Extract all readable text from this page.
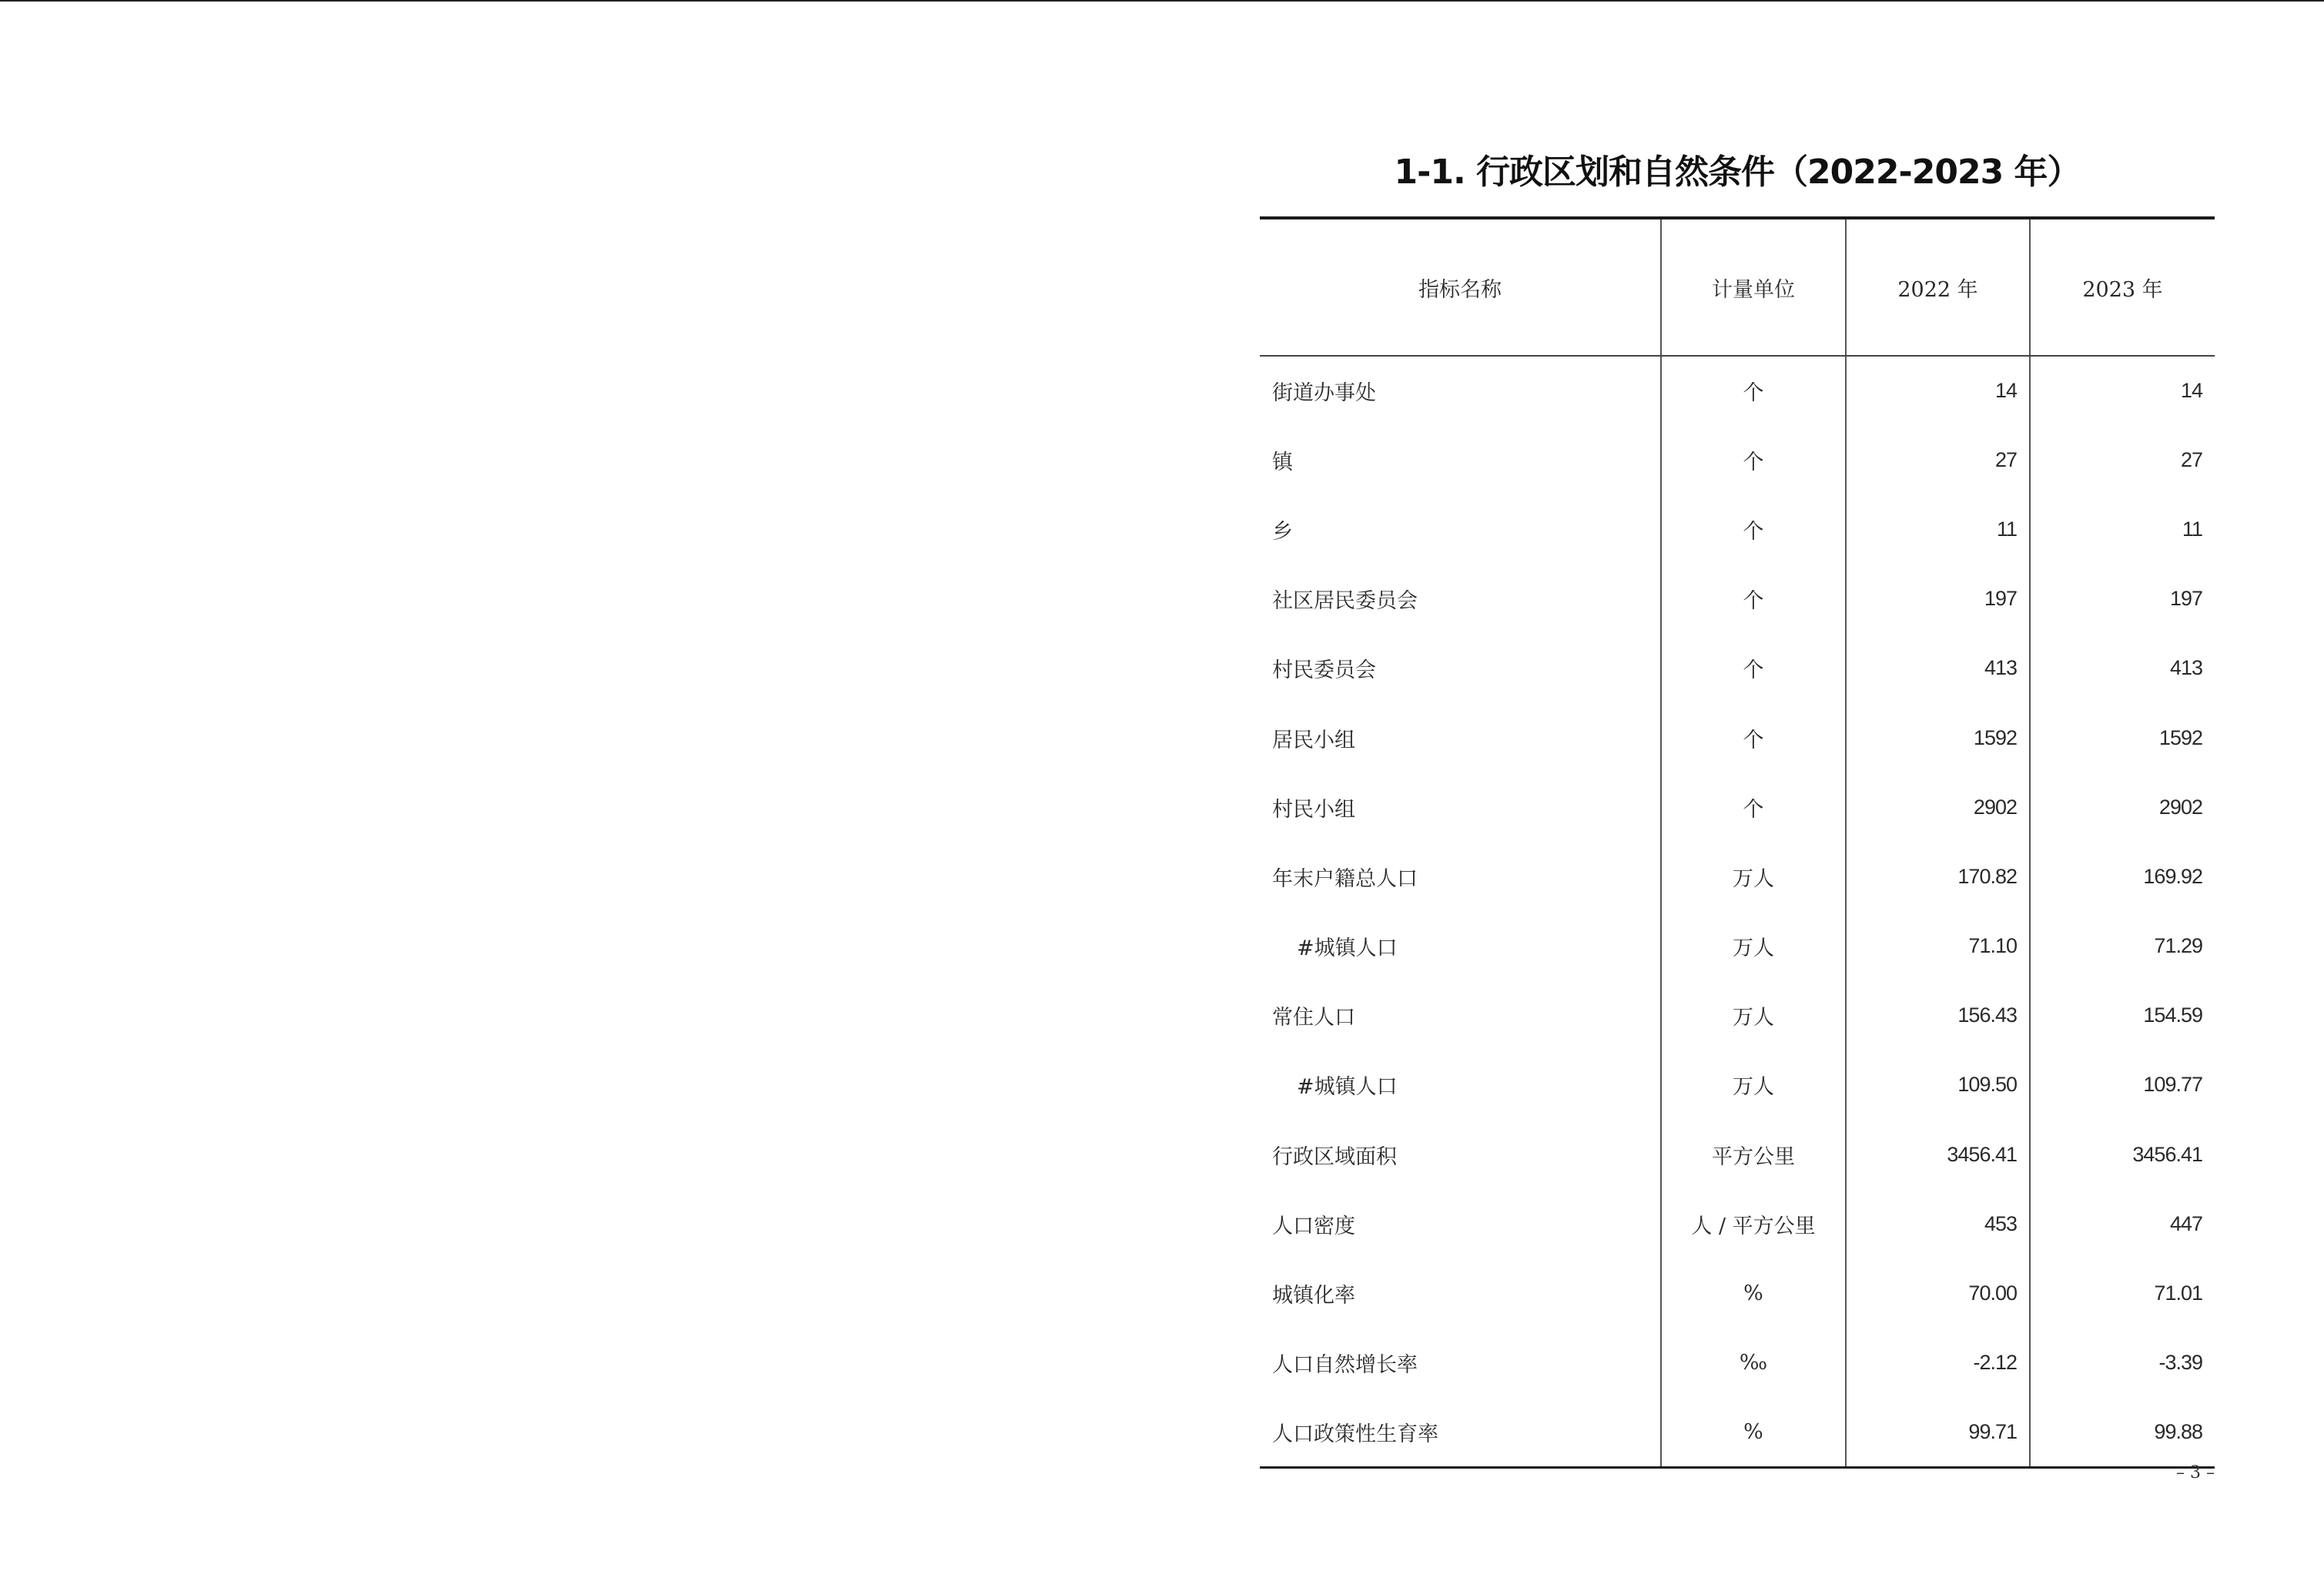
1-1. 行政区划和自然条件（2022-2023 年）
指标名称	计量单位	2022 年	2023 年
街道办事处	个	14	14
镇	个	27	27
乡	个	11	11
社区居民委员会	个	197	197
村民委员会	个	413	413
居民小组	个	1592	1592
村民小组	个	2902	2902
年末户籍总人口	万人	170.82	169.92
#城镇人口	万人	71.10	71.29
常住人口	万人	156.43	154.59
#城镇人口	万人	109.50	109.77
行政区域面积	平方公里	3456.41	3456.41
人口密度	人 / 平方公里	453	447
城镇化率	%	70.00	71.01
人口自然增长率	‰	-2.12	-3.39
人口政策性生育率	%	99.71	99.88
– 3 –
